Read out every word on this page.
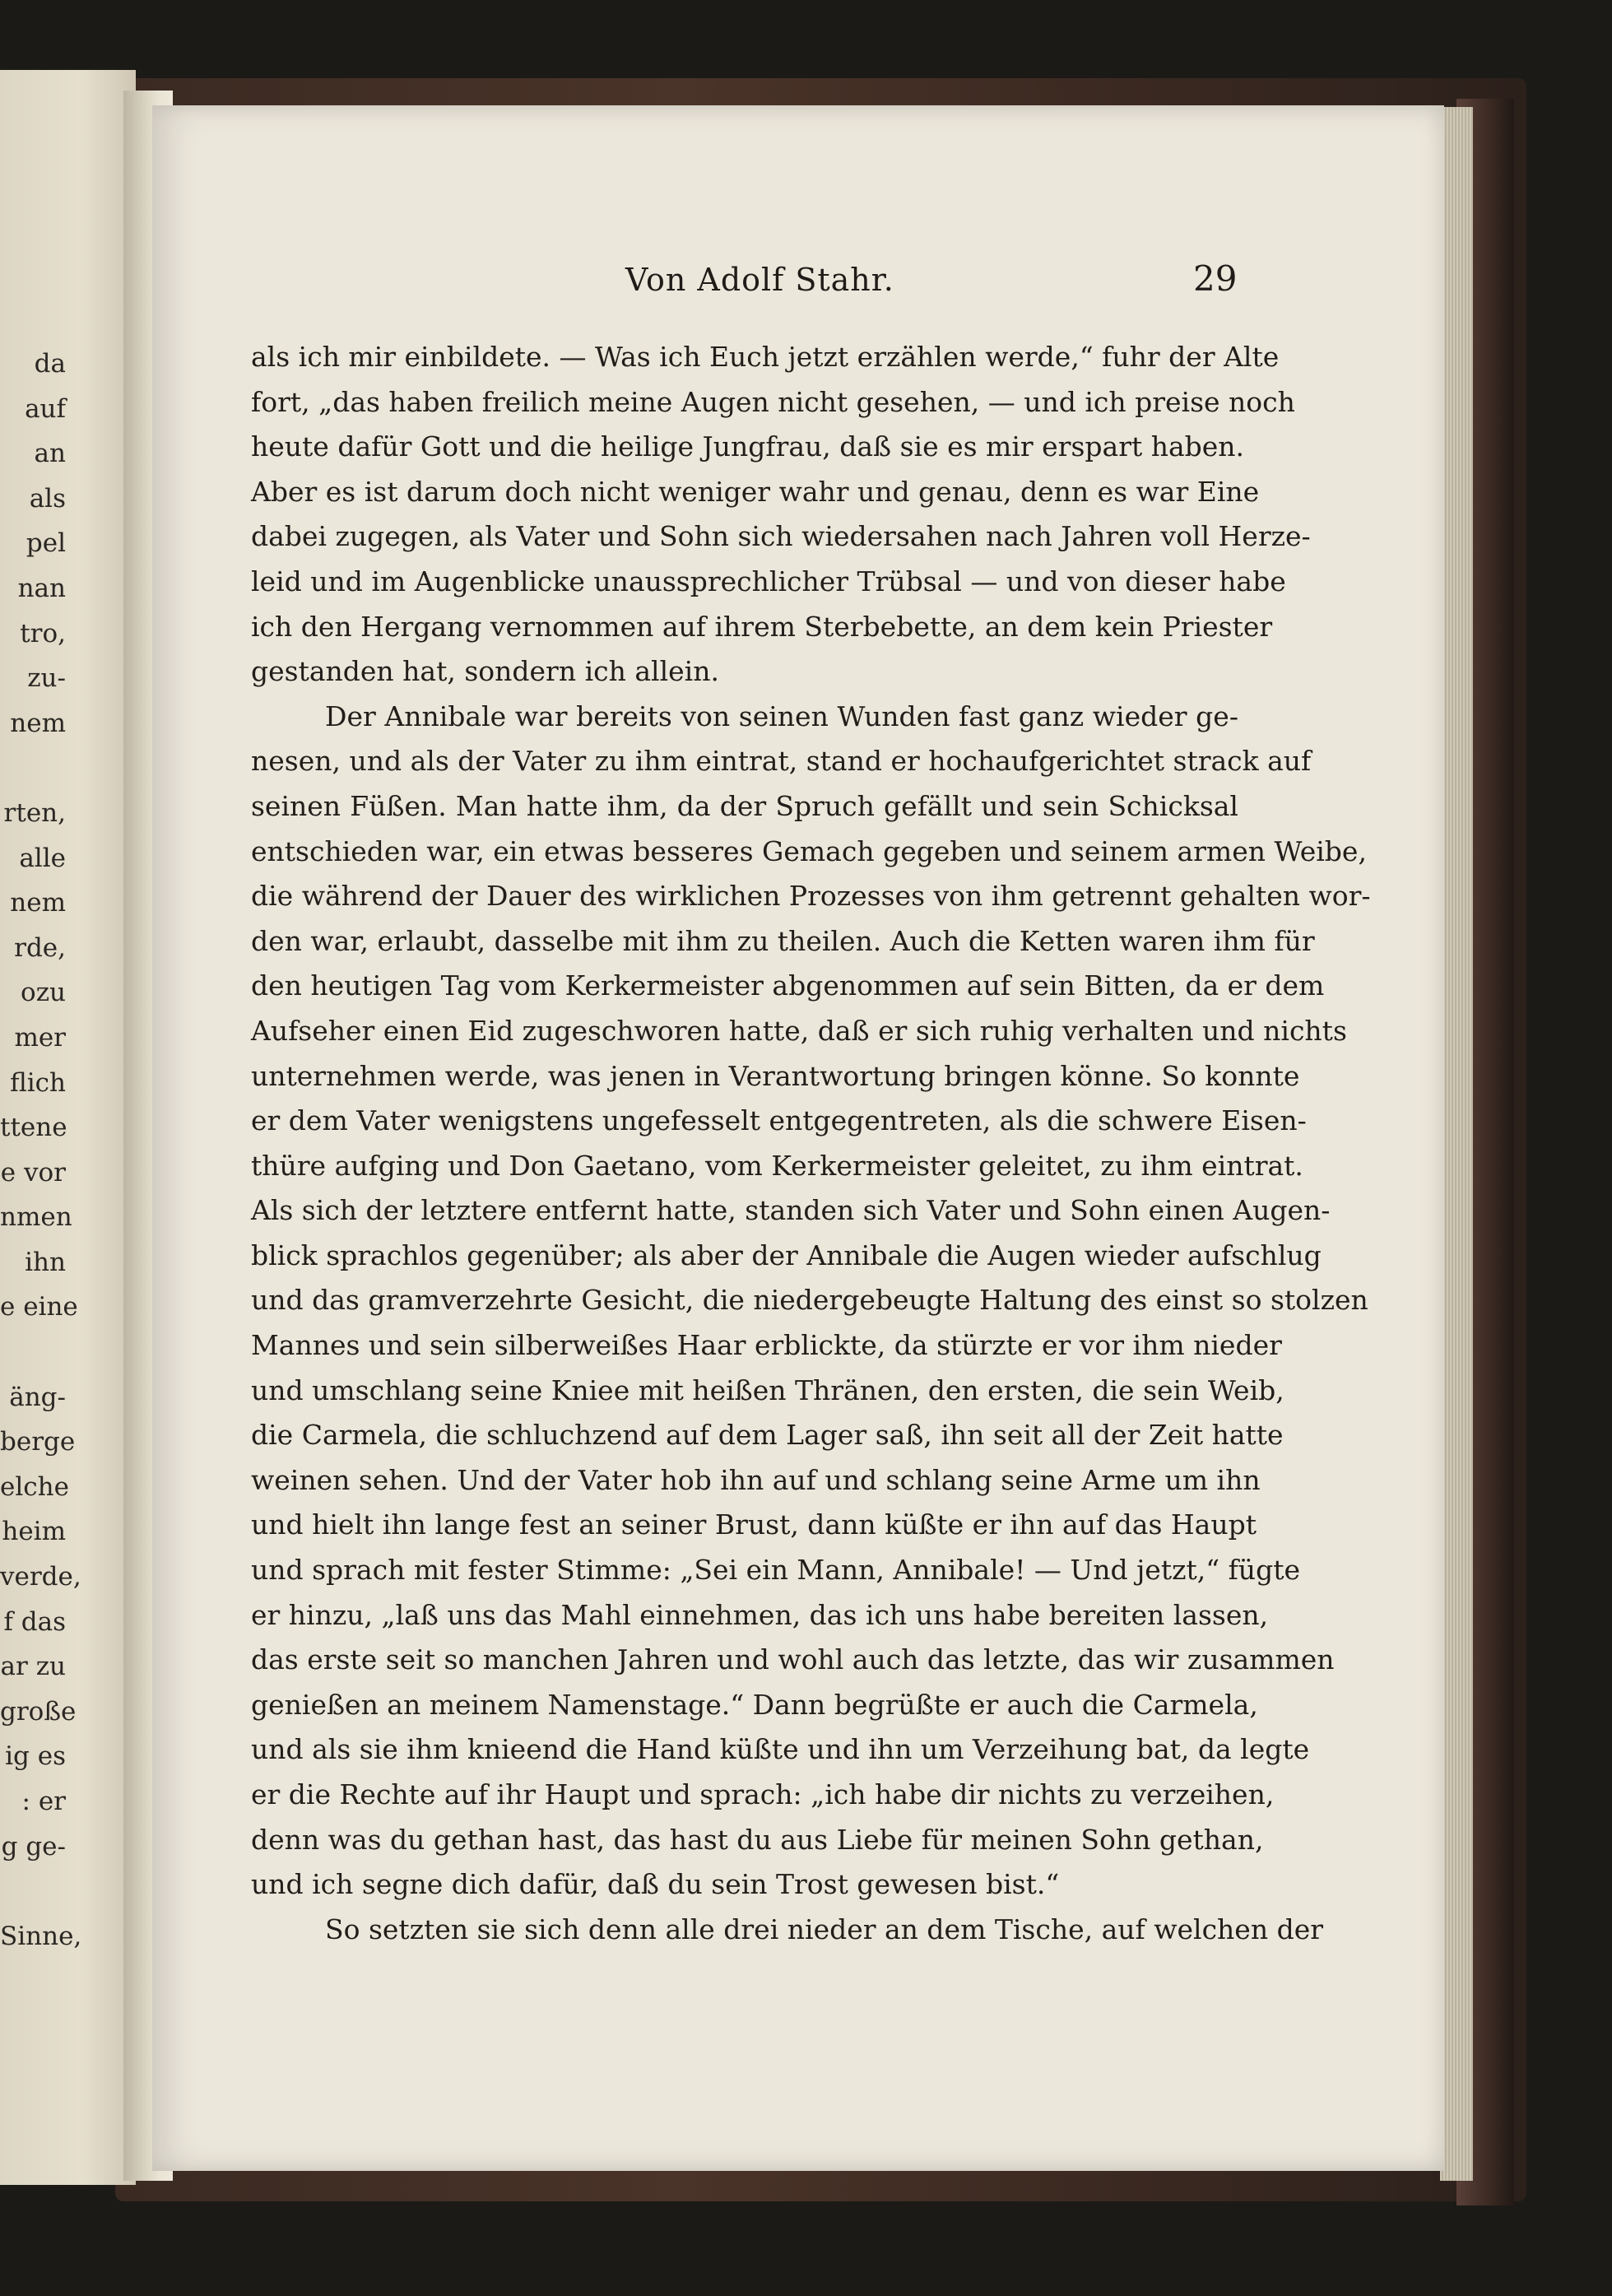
da
auf
an
als
pel
nan
tro,
zu-
nem
rten,
alle
nem
rde,
ozu
mer
flich
ttene
e vor
nmen
ihn
e eine
äng-
berge
elche
heim
verde,
f das
ar zu
große
ig es
: er
g ge-
Sinne,
Von Adolf Stahr.	29
als ich mir einbildete. — Was ich Euch jetzt erzählen werde,“ fuhr der Alte
fort, „das haben freilich meine Augen nicht gesehen, — und ich preise noch
heute dafür Gott und die heilige Jungfrau, daß sie es mir erspart haben.
Aber es ist darum doch nicht weniger wahr und genau, denn es war Eine
dabei zugegen, als Vater und Sohn sich wiedersahen nach Jahren voll Herze-
leid und im Augenblicke unaussprechlicher Trübsal — und von dieser habe
ich den Hergang vernommen auf ihrem Sterbebette, an dem kein Priester
gestanden hat, sondern ich allein.
Der Annibale war bereits von seinen Wunden fast ganz wieder ge-
nesen, und als der Vater zu ihm eintrat, stand er hochaufgerichtet strack auf
seinen Füßen. Man hatte ihm, da der Spruch gefällt und sein Schicksal
entschieden war, ein etwas besseres Gemach gegeben und seinem armen Weibe,
die während der Dauer des wirklichen Prozesses von ihm getrennt gehalten wor-
den war, erlaubt, dasselbe mit ihm zu theilen. Auch die Ketten waren ihm für
den heutigen Tag vom Kerkermeister abgenommen auf sein Bitten, da er dem
Aufseher einen Eid zugeschworen hatte, daß er sich ruhig verhalten und nichts
unternehmen werde, was jenen in Verantwortung bringen könne. So konnte
er dem Vater wenigstens ungefesselt entgegentreten, als die schwere Eisen-
thüre aufging und Don Gaetano, vom Kerkermeister geleitet, zu ihm eintrat.
Als sich der letztere entfernt hatte, standen sich Vater und Sohn einen Augen-
blick sprachlos gegenüber; als aber der Annibale die Augen wieder aufschlug
und das gramverzehrte Gesicht, die niedergebeugte Haltung des einst so stolzen
Mannes und sein silberweißes Haar erblickte, da stürzte er vor ihm nieder
und umschlang seine Kniee mit heißen Thränen, den ersten, die sein Weib,
die Carmela, die schluchzend auf dem Lager saß, ihn seit all der Zeit hatte
weinen sehen. Und der Vater hob ihn auf und schlang seine Arme um ihn
und hielt ihn lange fest an seiner Brust, dann küßte er ihn auf das Haupt
und sprach mit fester Stimme: „Sei ein Mann, Annibale! — Und jetzt,“ fügte
er hinzu, „laß uns das Mahl einnehmen, das ich uns habe bereiten lassen,
das erste seit so manchen Jahren und wohl auch das letzte, das wir zusammen
genießen an meinem Namenstage.“ Dann begrüßte er auch die Carmela,
und als sie ihm knieend die Hand küßte und ihn um Verzeihung bat, da legte
er die Rechte auf ihr Haupt und sprach: „ich habe dir nichts zu verzeihen,
denn was du gethan hast, das hast du aus Liebe für meinen Sohn gethan,
und ich segne dich dafür, daß du sein Trost gewesen bist.“
So setzten sie sich denn alle drei nieder an dem Tische, auf welchen der
